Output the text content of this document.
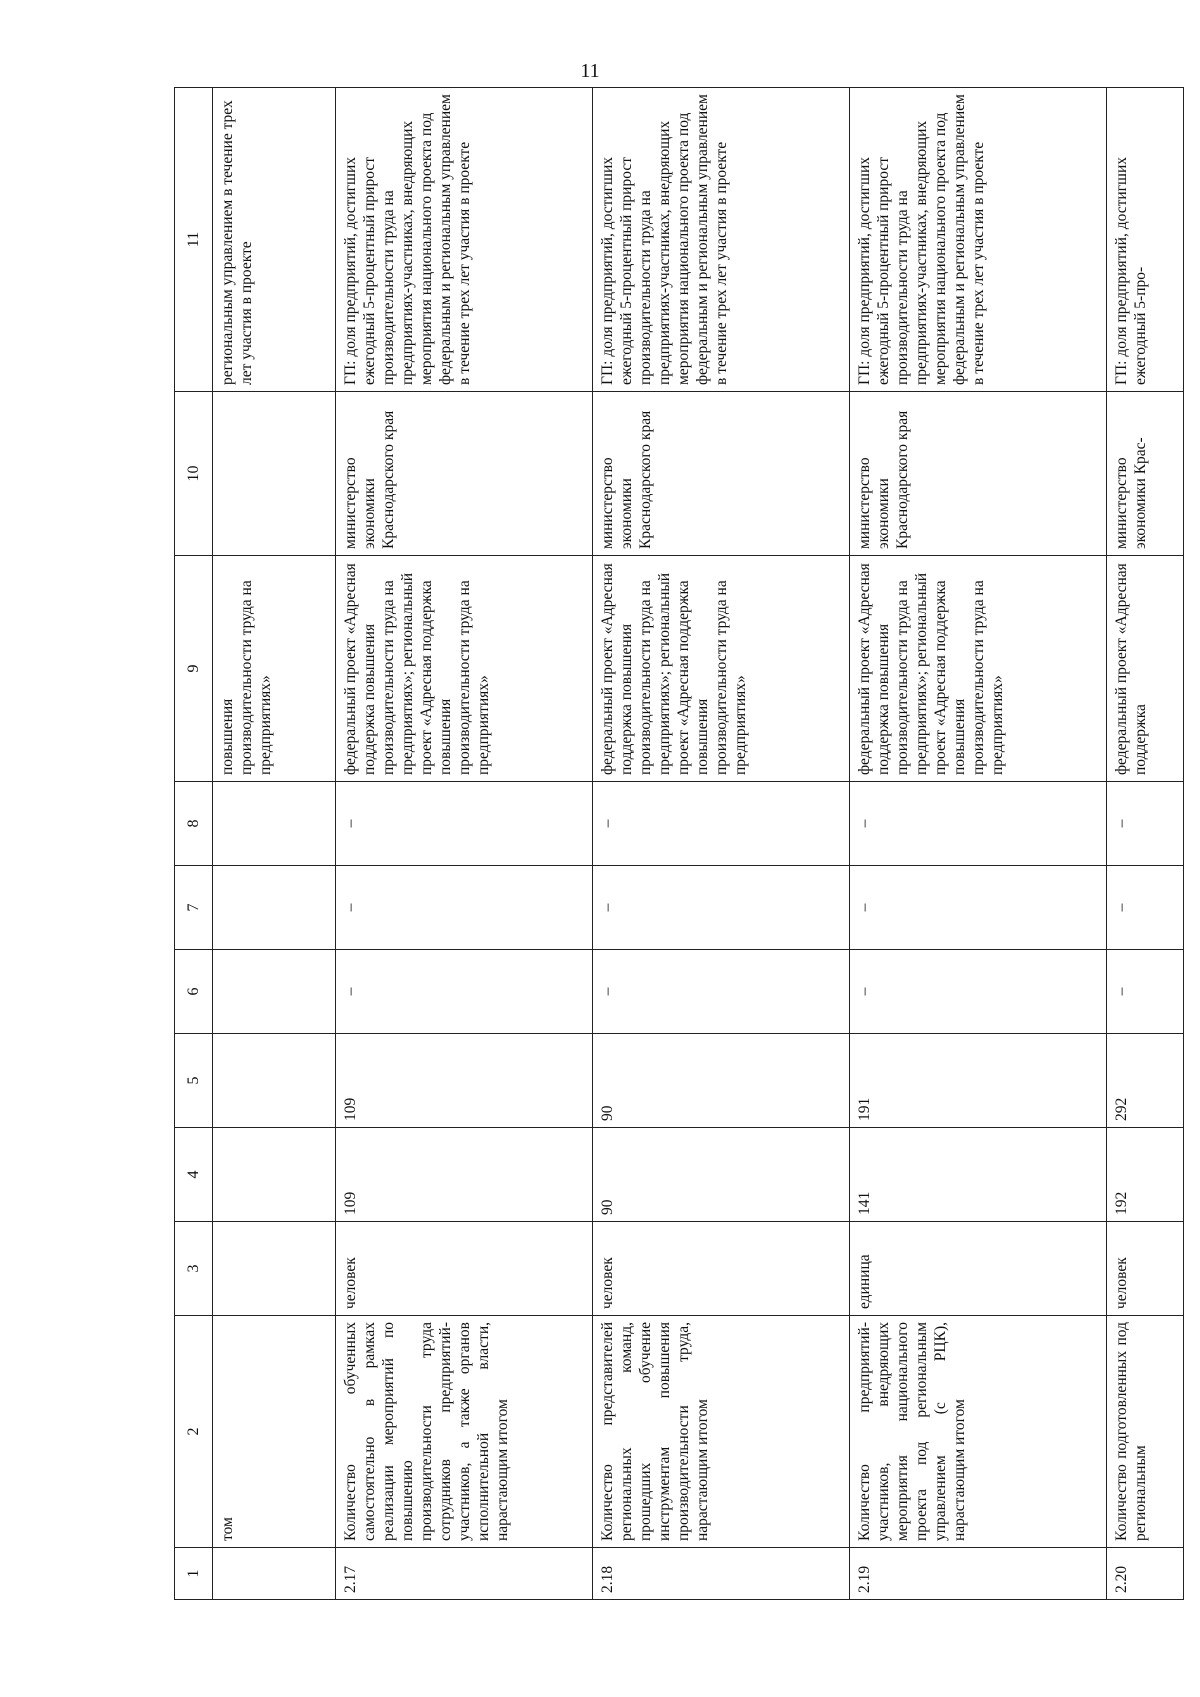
11
1	2	3	4	5	6	7	8	9	10	11
	том							повышения производительности труда на предприятиях»		региональным управлением в течение трех лет участия в проекте
2.17	Количество обученных самостоятельно в рамках реализации мероприятий по повышению производительности труда сотрудников предприятий-участников, а также органов исполнительной власти, нарастающим итогом	человек	109	109	–	–	–	федеральный проект «Адресная поддержка повышения производительности труда на предприятиях»; региональный проект «Адресная поддержка повышения производительности труда на предприятиях»	министерство экономики Краснодарского края	ГП: доля предприятий, достигших ежегодный 5-процентный прирост производительности труда на предприятиях-участниках, внедряющих мероприятия национального проекта под федеральным и региональным управлением в течение трех лет участия в проекте
2.18	Количество представителей региональных команд, прошедших обучение инструментам повышения производительности труда, нарастающим итогом	человек	90	90	–	–	–	федеральный проект «Адресная поддержка повышения производительности труда на предприятиях»; региональный проект «Адресная поддержка повышения производительности труда на предприятиях»	министерство экономики Краснодарского края	ГП: доля предприятий, достигших ежегодный 5-процентный прирост производительности труда на предприятиях-участниках, внедряющих мероприятия национального проекта под федеральным и региональным управлением в течение трех лет участия в проекте
2.19	Количество предприятий-участников, внедряющих мероприятия национального проекта под региональным управлением (с РЦК), нарастающим итогом	единица	141	191	–	–	–	федеральный проект «Адресная поддержка повышения производительности труда на предприятиях»; региональный проект «Адресная поддержка повышения производительности труда на предприятиях»	министерство экономики Краснодарского края	ГП: доля предприятий, достигших ежегодный 5-процентный прирост производительности труда на предприятиях-участниках, внедряющих мероприятия национального проекта под федеральным и региональным управлением в течение трех лет участия в проекте
2.20	Количество подготовленных под региональным	человек	192	292	–	–	–	федеральный проект «Адресная поддержка	министерство экономики Крас-	ГП: доля предприятий, достигших ежегодный 5-про-
